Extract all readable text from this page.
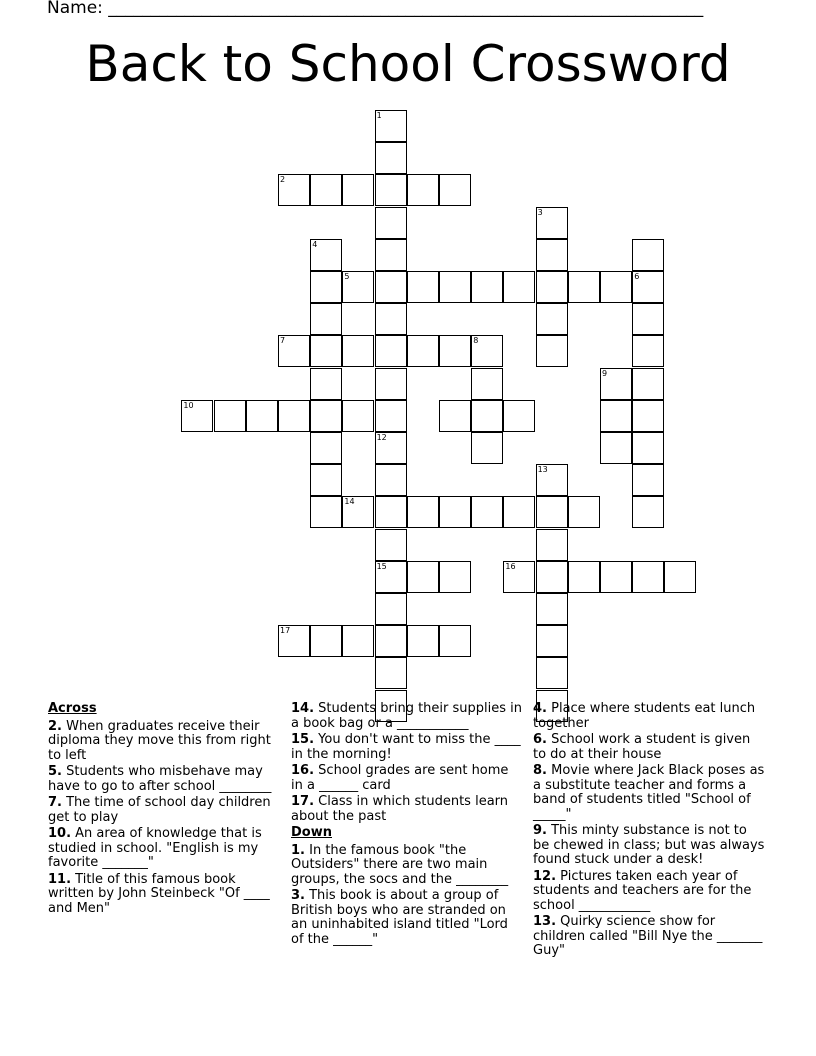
Name: ______________________________________________________________________
Back to School Crossword
1
12
15
2
3
4
5	6
7	8
9
10
13
14
16
17

Across

2. When graduates receive their diploma they move this from right to left

5. Students who misbehave may have to go to after school ________

7. The time of school day children get to play

10. An area of knowledge that is studied in school. "English is my favorite _______"

11. Title of this famous book written by John Steinbeck "Of ____ and Men"

14. Students bring their supplies in a book bag or a ___________

15. You don't want to miss the ____ in the morning!

16. School grades are sent home in a ______ card

17. Class in which students learn about the past

Down

1. In the famous book "the Outsiders" there are two main groups, the socs and the ________

3. This book is about a group of British boys who are stranded on an uninhabited island titled "Lord of the ______"

4. Place where students eat lunch together

6. School work a student is given to do at their house

8. Movie where Jack Black poses as a substitute teacher and forms a band of students titled "School of _____"

9. This minty substance is not to be chewed in class; but was always found stuck under a desk!

12. Pictures taken each year of students and teachers are for the school ___________

13. Quirky science show for children called "Bill Nye the _______ Guy"
